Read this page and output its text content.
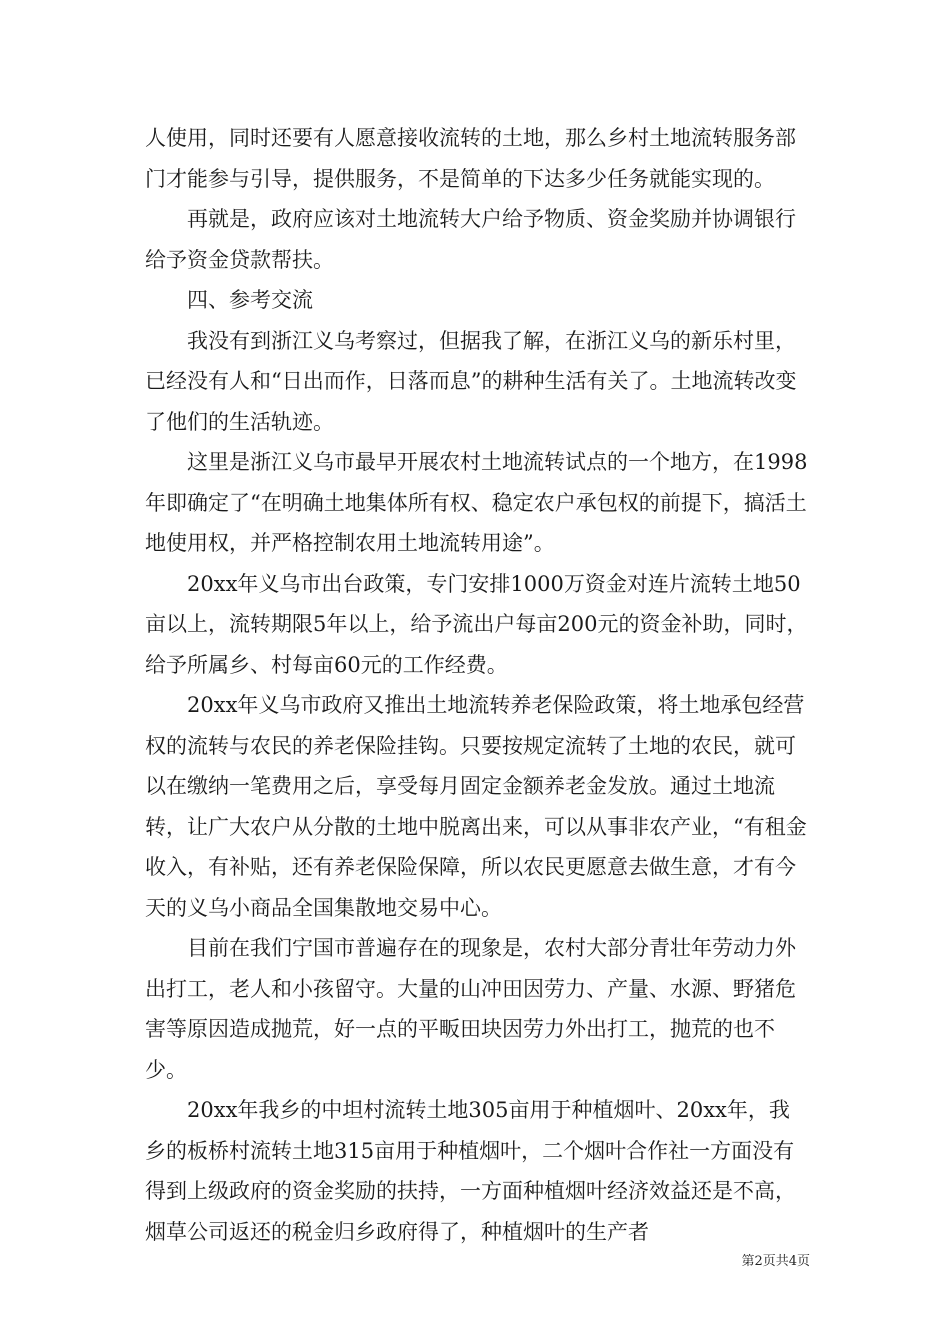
人使用，同时还要有人愿意接收流转的土地，那么乡村土地流转服务部门才能参与引导，提供服务，不是简单的下达多少任务就能实现的。

再就是，政府应该对土地流转大户给予物质、资金奖励并协调银行给予资金贷款帮扶。

四、参考交流

我没有到浙江义乌考察过，但据我了解，在浙江义乌的新乐村里，已经没有人和“日出而作，日落而息”的耕种生活有关了。土地流转改变了他们的生活轨迹。

这里是浙江义乌市最早开展农村土地流转试点的一个地方，在1998年即确定了“在明确土地集体所有权、稳定农户承包权的前提下，搞活土地使用权，并严格控制农用土地流转用途”。

20xx年义乌市出台政策，专门安排1000万资金对连片流转土地50亩以上，流转期限5年以上，给予流出户每亩200元的资金补助，同时，给予所属乡、村每亩60元的工作经费。

20xx年义乌市政府又推出土地流转养老保险政策，将土地承包经营权的流转与农民的养老保险挂钩。只要按规定流转了土地的农民，就可以在缴纳一笔费用之后，享受每月固定金额养老金发放。通过土地流转，让广大农户从分散的土地中脱离出来，可以从事非农产业，“有租金收入，有补贴，还有养老保险保障，所以农民更愿意去做生意，才有今天的义乌小商品全国集散地交易中心。

目前在我们宁国市普遍存在的现象是，农村大部分青壮年劳动力外出打工，老人和小孩留守。大量的山冲田因劳力、产量、水源、野猪危害等原因造成抛荒，好一点的平畈田块因劳力外出打工，抛荒的也不少。

20xx年我乡的中坦村流转土地305亩用于种植烟叶、20xx年，我乡的板桥村流转土地315亩用于种植烟叶，二个烟叶合作社一方面没有得到上级政府的资金奖励的扶持，一方面种植烟叶经济效益还是不高，烟草公司返还的税金归乡政府得了，种植烟叶的生产者

第2页共4页
